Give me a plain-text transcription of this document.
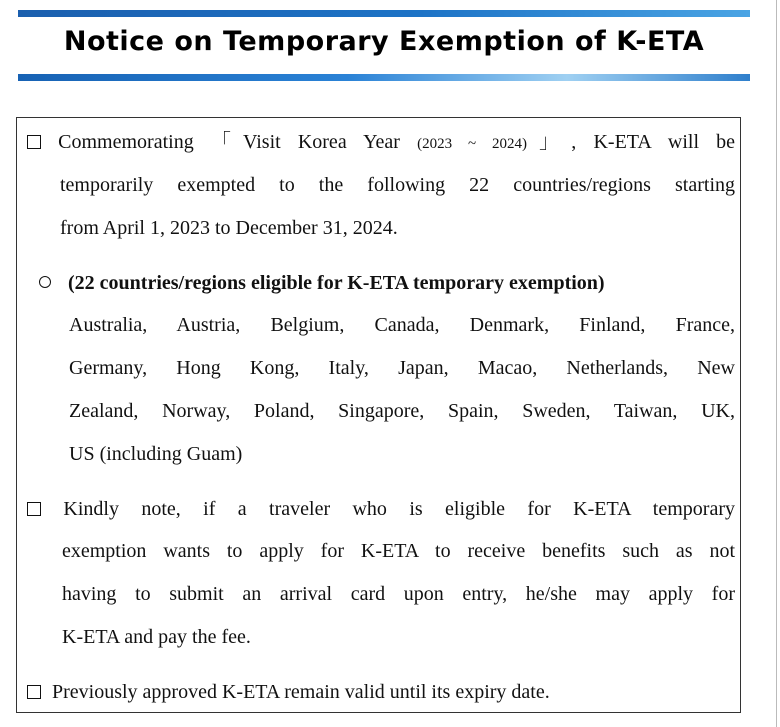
Notice on Temporary Exemption of K-ETA
Commemorating 「Visit Korea Year (2023 ~ 2024)」, K-ETA will be
temporarily exempted to the following 22 countries/regions starting
from April 1, 2023 to December 31, 2024.
(22 countries/regions eligible for K-ETA temporary exemption)
Australia, Austria, Belgium, Canada, Denmark, Finland, France,
Germany, Hong Kong, Italy, Japan, Macao, Netherlands, New
Zealand, Norway, Poland, Singapore, Spain, Sweden, Taiwan, UK,
US (including Guam)
Kindly note, if a traveler who is eligible for K-ETA temporary
exemption wants to apply for K-ETA to receive benefits such as not
having to submit an arrival card upon entry, he/she may apply for
K-ETA and pay the fee.
Previously approved K-ETA remain valid until its expiry date.
